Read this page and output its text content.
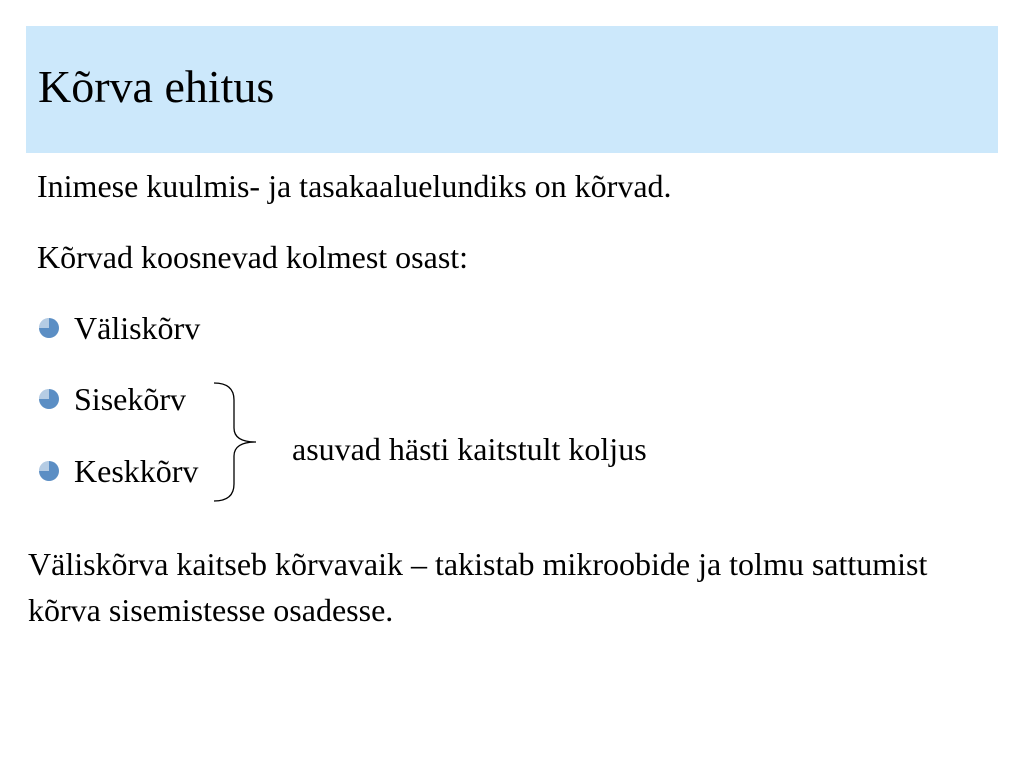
Kõrva ehitus
Inimese kuulmis- ja tasakaaluelundiks on kõrvad.
Kõrvad koosnevad kolmest osast:
Väliskõrv
Sisekõrv
Keskkõrv
asuvad hästi kaitstult koljus
Väliskõrva kaitseb kõrvavaik – takistab mikroobide ja tolmu sattumist kõrva sisemistesse osadesse.
